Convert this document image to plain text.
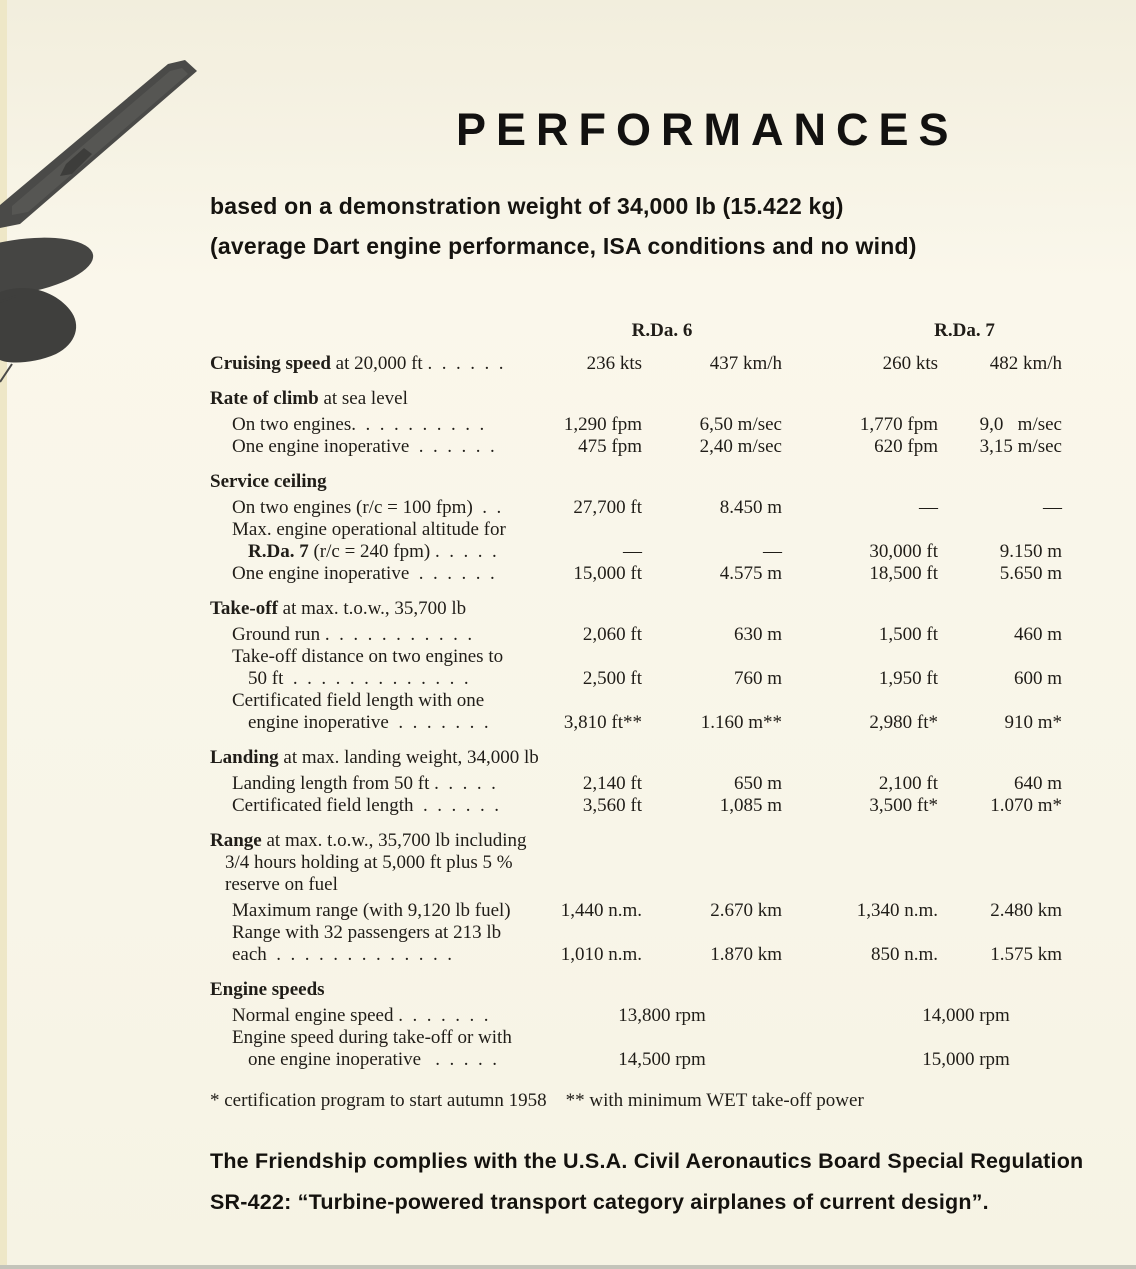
PERFORMANCES
based on a demonstration weight of 34,000 lb (15.422 kg)
(average Dart engine performance, ISA conditions and no wind)
R.Da. 6	R.Da. 7
Cruising speed at 20,000 ft .  .  .  .  .  .	236 kts	437 km/h	260 kts	482 km/h
Rate of climb at sea level
On two engines.  .  .  .  .  .  .  .  .  .	1,290 fpm	6,50 m/sec	1,770 fpm	9,0   m/sec
One engine inoperative  .  .  .  .  .  .	475 fpm	2,40 m/sec	620 fpm	3,15 m/sec
Service ceiling
On two engines (r/c = 100 fpm)  .  .	27,700 ft	8.450 m	—	—
Max. engine operational altitude for
R.Da. 7 (r/c = 240 fpm) .  .  .  .  .	—	—	30,000 ft	9.150 m
One engine inoperative  .  .  .  .  .  .	15,000 ft	4.575 m	18,500 ft	5.650 m
Take-off at max. t.o.w., 35,700 lb
Ground run .  .  .  .  .  .  .  .  .  .  .	2,060 ft	630 m	1,500 ft	460 m
Take-off distance on two engines to
50 ft  .  .  .  .  .  .  .  .  .  .  .  .  .	2,500 ft	760 m	1,950 ft	600 m
Certificated field length with one
engine inoperative  .  .  .  .  .  .  .	3,810 ft**	1.160 m**	2,980 ft*	910 m*
Landing at max. landing weight, 34,000 lb
Landing length from 50 ft .  .  .  .  .	2,140 ft	650 m	2,100 ft	640 m
Certificated field length  .  .  .  .  .  .	3,560 ft	1,085 m	3,500 ft*	1.070 m*
Range at max. t.o.w., 35,700 lb including
3/4 hours holding at 5,000 ft plus 5 %
reserve on fuel
Maximum range (with 9,120 lb fuel)	1,440 n.m.	2.670 km	1,340 n.m.	2.480 km
Range with 32 passengers at 213 lb
each  .  .  .  .  .  .  .  .  .  .  .  .  .	1,010 n.m.	1.870 km	850 n.m.	1.575 km
Engine speeds
Normal engine speed .  .  .  .  .  .  .	13,800 rpm	14,000 rpm
Engine speed during take-off or with
one engine inoperative   .  .  .  .  .	14,500 rpm	15,000 rpm
* certification program to start autumn 1958 ** with minimum WET take-off power
The Friendship complies with the U.S.A. Civil Aeronautics Board Special Regulation
SR-422: “Turbine-powered transport category airplanes of current design”.
